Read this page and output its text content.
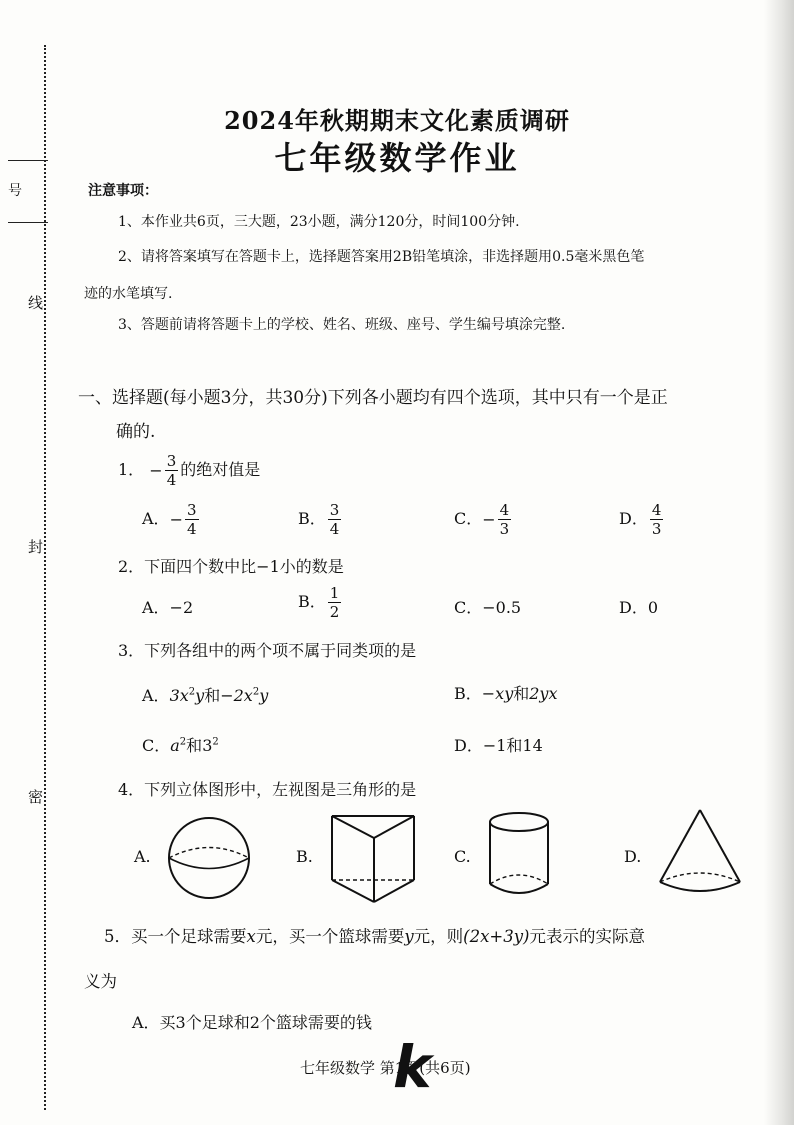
号
线
封
密
2024年秋期期末文化素质调研
七年级数学作业
注意事项：
1、本作业共6页，三大题，23小题，满分120分，时间100分钟.
2、请将答案填写在答题卡上，选择题答案用2B铅笔填涂，非选择题用0.5毫米黑色笔
迹的水笔填写.
3、答题前请将答题卡上的学校、姓名、班级、座号、学生编号填涂完整.
一、选择题(每小题3分，共30分)下列各小题均有四个选项，其中只有一个是正
确的.
1． − $\frac{3}{4}$ 的绝对值是
A．− $\frac{3}{4}$	B． $\frac{3}{4}$	C．− $\frac{4}{3}$	D． $\frac{4}{3}$
2．下面四个数中比−1小的数是
A．−2	B． $\frac{1}{2}$	C．−0.5	D．0
3．下列各组中的两个项不属于同类项的是
A．$3x^2y$和$-2x^2y$	B．−xy和2yx
C．$a^2$和$3^2$	D．−1和14
4．下列立体图形中，左视图是三角形的是
A.	B.	C.	D.
5．买一个足球需要x元，买一个篮球需要y元，则(2x+3y)元表示的实际意
义为
A．买3个足球和2个篮球需要的钱
七年级数学 第1页(共6页)
k
